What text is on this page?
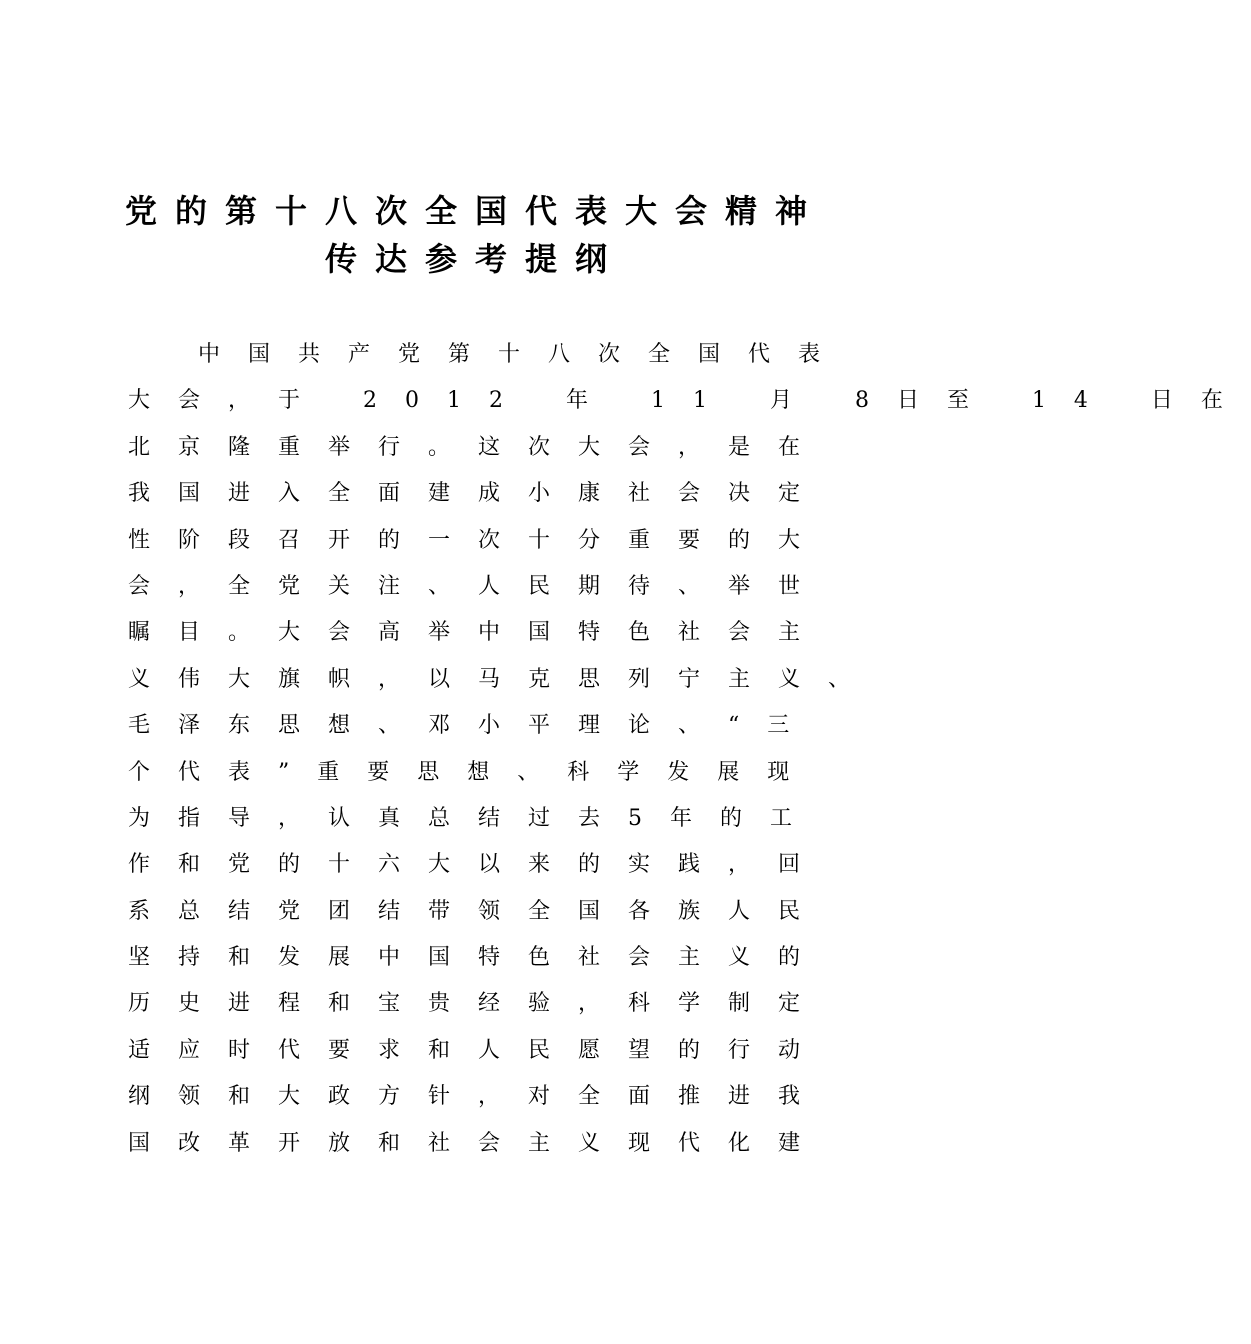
党的第十八次全国代表大会精神
传达参考提纲

中国共产党第十八次全国代表

大会，于 2012 年 11 月 8日至 14 日在

北京隆重举行。这次大会，是在

我国进入全面建成小康社会决定

性阶段召开的一次十分重要的大

会，全党关注、人民期待、举世

瞩目。大会高举中国特色社会主

义伟大旗帜，以马克思列宁主义、

毛泽东思想、邓小平理论、“三

个代表”重要思想、科学发展现

为指导，认真总结过去5年的工

作和党的十六大以来的实践，回

系总结党团结带领全国各族人民

坚持和发展中国特色社会主义的

历史进程和宝贵经验，科学制定

适应时代要求和人民愿望的行动

纲领和大政方针，对全面推进我

国改革开放和社会主义现代化建
